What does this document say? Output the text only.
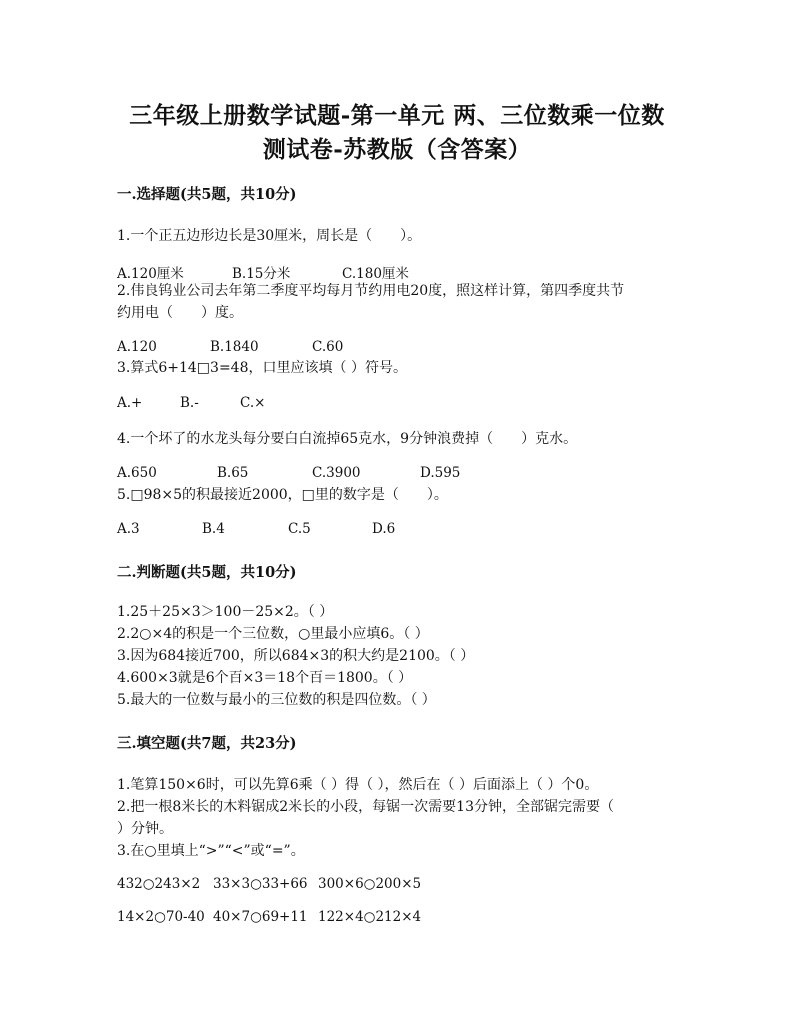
三年级上册数学试题-第一单元 两、三位数乘一位数
测试卷-苏教版（含答案）
一.选择题(共5题，共10分)
1.一个正五边形边长是30厘米，周长是（　　）。
A.120厘米	B.15分米	C.180厘米
2.伟良钨业公司去年第二季度平均每月节约用电20度，照这样计算，第四季度共节
约用电（　　）度。
A.120	B.1840	C.60
3.算式6+14□3=48，口里应该填（ ）符号。
A.+	B.-	C.×
4.一个坏了的水龙头每分要白白流掉65克水，9分钟浪费掉（　　）克水。
A.650	B.65	C.3900	D.595
5.□98×5的积最接近2000，□里的数字是（　　）。
A.3	B.4	C.5	D.6
二.判断题(共5题，共10分)
1.25＋25×3＞100－25×2。（ ）
2.2○×4的积是一个三位数，○里最小应填6。（ ）
3.因为684接近700，所以684×3的积大约是2100。（ ）
4.600×3就是6个百×3＝18个百＝1800。（ ）
5.最大的一位数与最小的三位数的积是四位数。（ ）
三.填空题(共7题，共23分)
1.笔算150×6时，可以先算6乘（ ）得（ ），然后在（ ）后面添上（ ）个0。
2.把一根8米长的木料锯成2米长的小段，每锯一次需要13分钟，全部锯完需要（
）分钟。
3.在○里填上“>”“<”或“=”。
432○243×2 33×3○33+66 300×6○200×5
14×2○70-40 40×7○69+11 122×4○212×4
